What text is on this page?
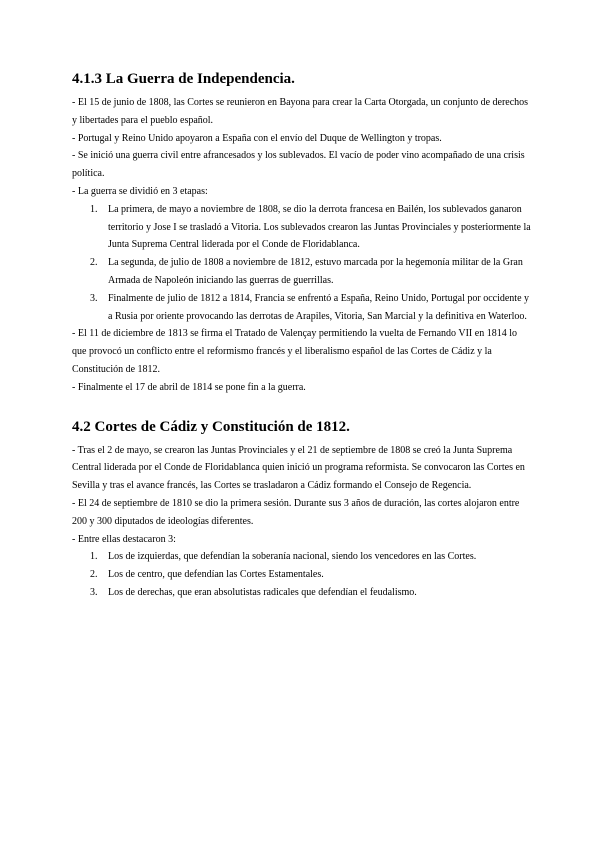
4.1.3 La Guerra de Independencia.

- El 15 de junio de 1808, las Cortes se reunieron en Bayona para crear la Carta Otorgada, un conjunto de derechos y libertades para el pueblo español.

- Portugal y Reino Unido apoyaron a España con el envío del Duque de Wellington y tropas.

- Se inició una guerra civil entre afrancesados y los sublevados. El vacío de poder vino acompañado de una crisis política.

- La guerra se dividió en 3 etapas:

1. La primera, de mayo a noviembre de 1808, se dio la derrota francesa en Bailén, los sublevados ganaron territorio y Jose I se trasladó a Vitoria. Los sublevados crearon las Juntas Provinciales y posteriormente la Junta Suprema Central liderada por el Conde de Floridablanca.
2. La segunda, de julio de 1808 a noviembre de 1812, estuvo marcada por la hegemonía militar de la Gran Armada de Napoleón iniciando las guerras de guerrillas.
3. Finalmente de julio de 1812 a 1814, Francia se enfrentó a España, Reino Unido, Portugal por occidente y a Rusia por oriente provocando las derrotas de Arapiles, Vitoria, San Marcial y la definitiva en Waterloo.

- El 11 de diciembre de 1813 se firma el Tratado de Valençay permitiendo la vuelta de Fernando VII en 1814 lo que provocó un conflicto entre el reformismo francés y el liberalismo español de las Cortes de Cádiz y la Constitución de 1812.

- Finalmente el 17 de abril de 1814 se pone fin a la guerra.

4.2 Cortes de Cádiz y Constitución de 1812.

- Tras el 2 de mayo, se crearon las Juntas Provinciales y el 21 de septiembre de 1808 se creó la Junta Suprema Central liderada por el Conde de Floridablanca quien inició un programa reformista. Se convocaron las Cortes en Sevilla y tras el avance francés, las Cortes se trasladaron a Cádiz formando el Consejo de Regencia.

- El 24 de septiembre de 1810 se dio la primera sesión. Durante sus 3 años de duración, las cortes alojaron entre 200 y 300 diputados de ideologías diferentes.

- Entre ellas destacaron 3:

1. Los de izquierdas, que defendían la soberanía nacional, siendo los vencedores en las Cortes.
2. Los de centro, que defendían las Cortes Estamentales.
3. Los de derechas, que eran absolutistas radicales que defendían el feudalismo.
